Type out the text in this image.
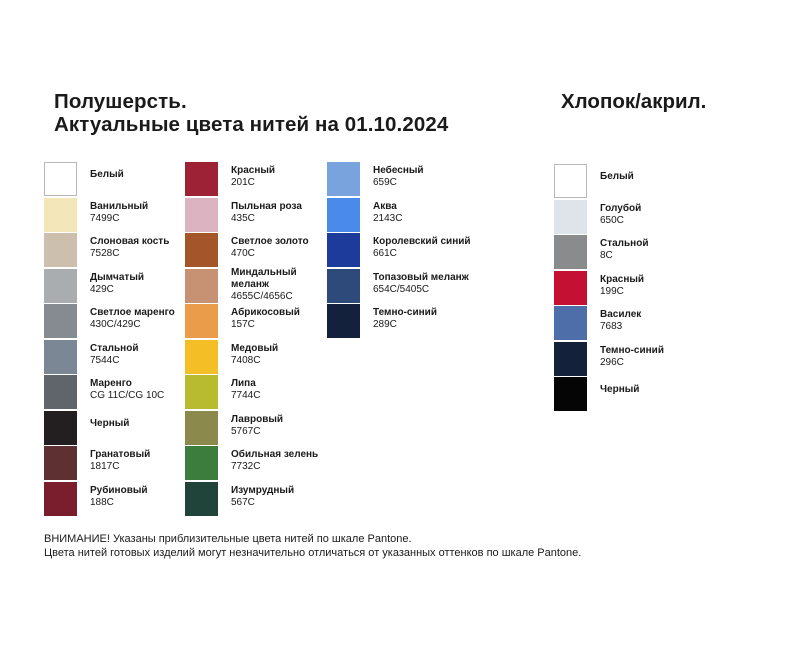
Полушерсть.
Актуальные цвета нитей на 01.10.2024
Хлопок/акрил.
Белый
Ванильный
7499C
Слоновая кость
7528C
Дымчатый
429C
Светлое маренго
430C/429C
Стальной
7544C
Маренго
CG 11C/CG 10C
Черный
Гранатовый
1817C
Рубиновый
188C
Красный
201C
Пыльная роза
435C
Светлое золото
470C
Миндальный меланж
4655C/4656C
Абрикосовый
157C
Медовый
7408C
Липа
7744C
Лавровый
5767C
Обильная зелень
7732C
Изумрудный
567C
Небесный
659C
Аква
2143C
Королевский синий
661C
Топазовый меланж
654C/5405C
Темно-синий
289C
Белый
Голубой
650C
Стальной
8C
Красный
199C
Василек
7683
Темно-синий
296C
Черный
ВНИМАНИЕ! Указаны приблизительные цвета нитей по шкале Pantone.
Цвета нитей готовых изделий могут незначительно отличаться от указанных оттенков по шкале Pantone.
